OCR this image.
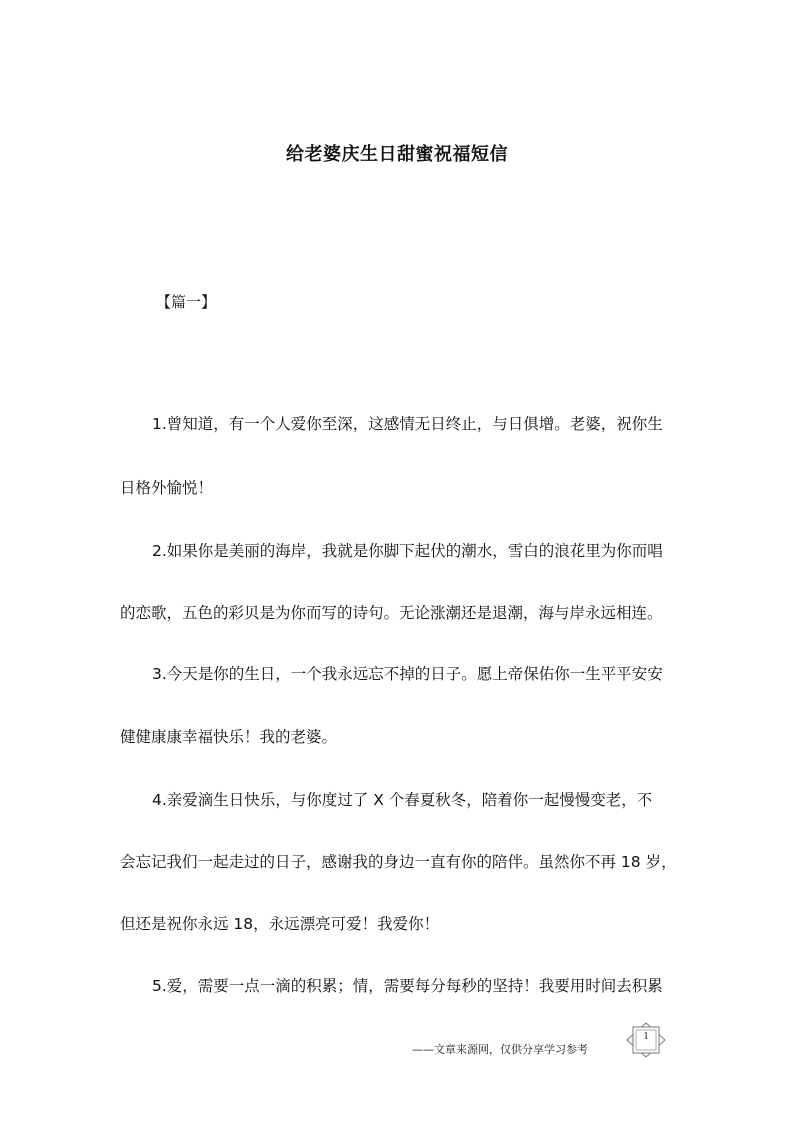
给老婆庆生日甜蜜祝福短信
【篇一】
1.曾知道，有一个人爱你至深，这感情无日终止，与日俱增。老婆，祝你生
日格外愉悦！
2.如果你是美丽的海岸，我就是你脚下起伏的潮水，雪白的浪花里为你而唱
的恋歌，五色的彩贝是为你而写的诗句。无论涨潮还是退潮，海与岸永远相连。
3.今天是你的生日，一个我永远忘不掉的日子。愿上帝保佑你一生平平安安
健健康康幸福快乐！我的老婆。
4.亲爱滴生日快乐，与你度过了 X 个春夏秋冬，陪着你一起慢慢变老，不
会忘记我们一起走过的日子，感谢我的身边一直有你的陪伴。虽然你不再 18 岁，
但还是祝你永远 18，永远漂亮可爱！我爱你！
5.爱，需要一点一滴的积累；情，需要每分每秒的坚持！我要用时间去积累
——文章来源网，仅供分享学习参考
1
